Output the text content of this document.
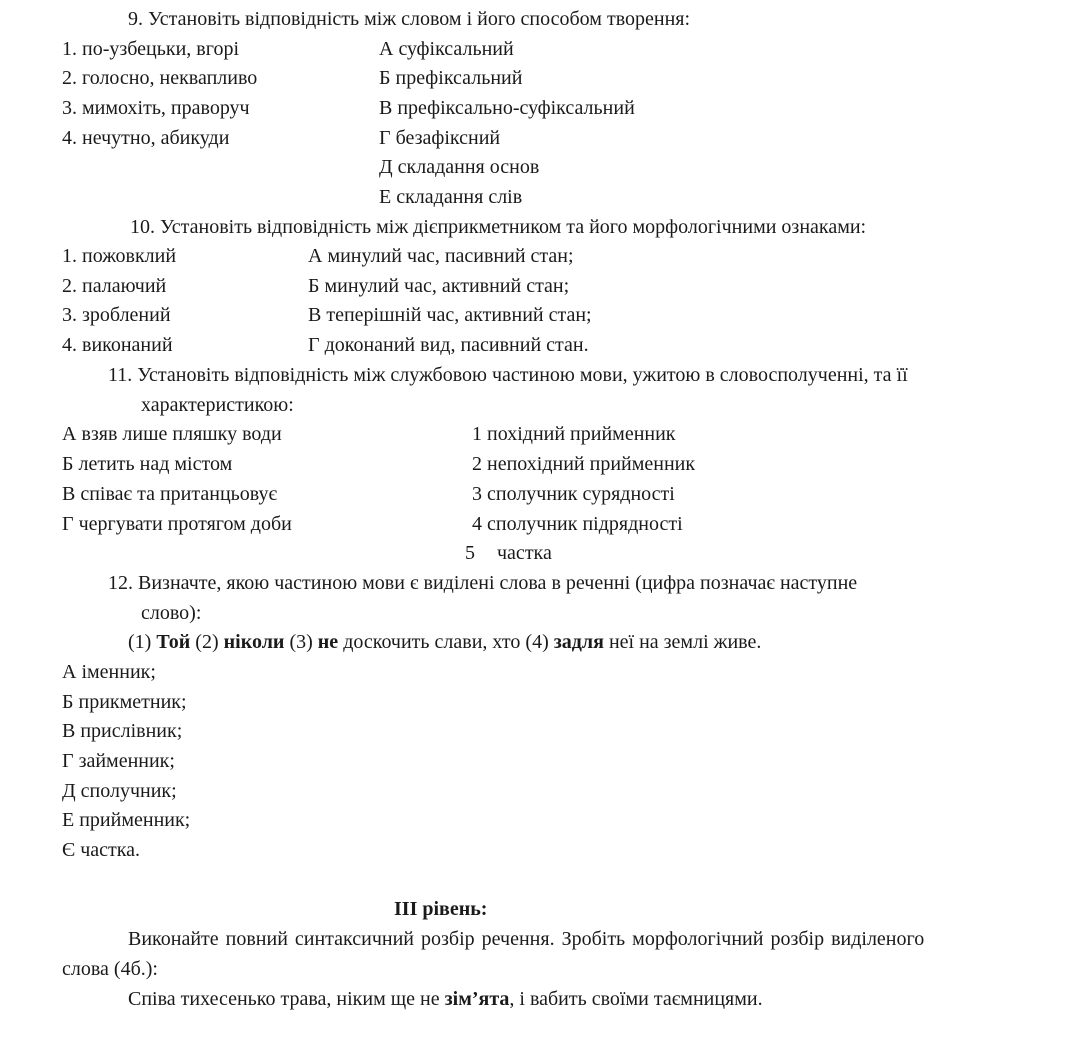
9. Установіть відповідність між словом і його способом творення:
1. по-узбецьки, вгорі
2. голосно, неквапливо
3. мимохіть, праворуч
4. нечутно, абикуди
А суфіксальний
Б префіксальний
В префіксально-суфіксальний
Г безафіксний
Д складання основ
Е складання слів
10. Установіть відповідність між дієприкметником та його морфологічними ознаками:
1. пожовклий
2. палаючий
3. зроблений
4. виконаний
А минулий час, пасивний стан;
Б минулий час, активний стан;
В теперішній час, активний стан;
Г доконаний вид, пасивний стан.
11. Установіть відповідність між службовою частиною мови, ужитою в словосполученні, та її
характеристикою:
А взяв лише пляшку води
Б летить над містом
В співає та пританцьовує
Г чергувати протягом доби
1 похідний прийменник
2 непохідний прийменник
3 сполучник сурядності
4 сполучник підрядності
5 частка
12. Визначте, якою частиною мови є виділені слова в реченні (цифра позначає наступне
слово):
(1) Той (2) ніколи (3) не доскочить слави, хто (4) задля неї на землі живе.
А іменник;
Б прикметник;
В прислівник;
Г займенник;
Д сполучник;
Е прийменник;
Є частка.
ІІІ рівень:
Виконайте повний синтаксичний розбір речення. Зробіть морфологічний розбір виділеного
слова (4б.):
Співа тихесенько трава, ніким ще не зім’ята, і вабить своїми таємницями.
